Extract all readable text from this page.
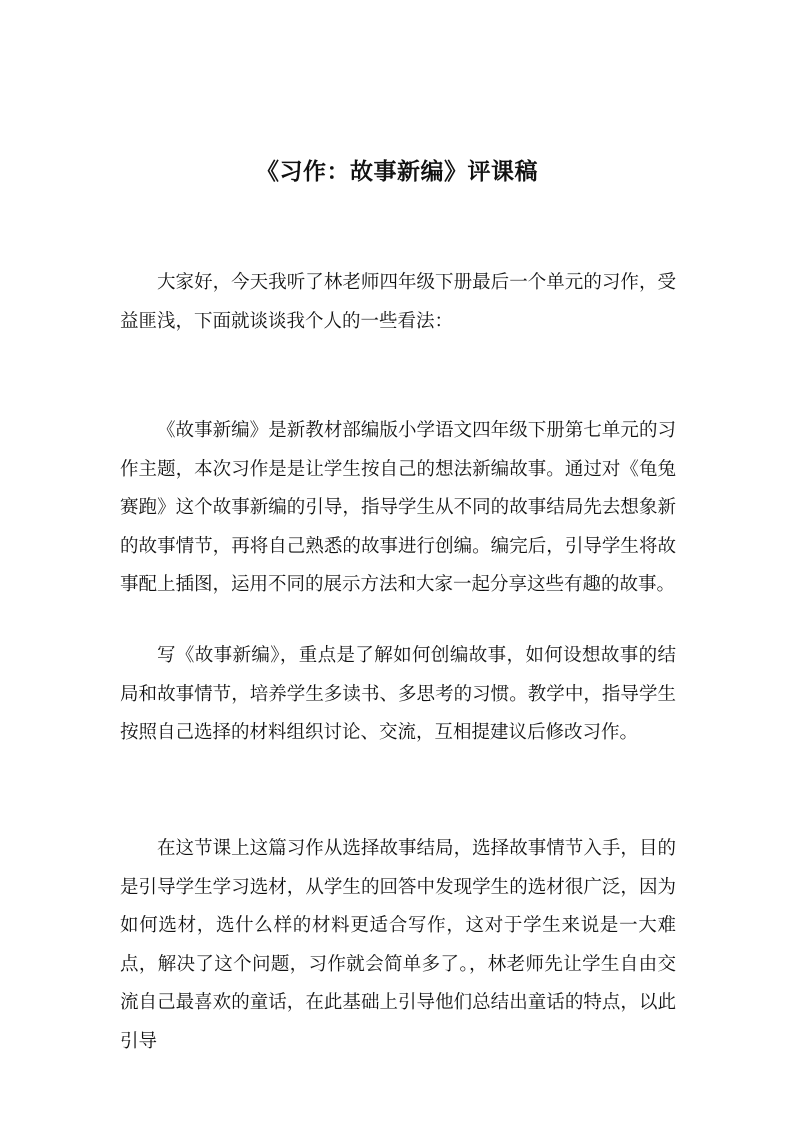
《习作：故事新编》评课稿

大家好，今天我听了林老师四年级下册最后一个单元的习作，受益匪浅，下面就谈谈我个人的一些看法：

《故事新编》是新教材部编版小学语文四年级下册第七单元的习作主题，本次习作是是让学生按自己的想法新编故事。通过对《龟兔赛跑》这个故事新编的引导，指导学生从不同的故事结局先去想象新的故事情节，再将自己熟悉的故事进行创编。编完后，引导学生将故事配上插图，运用不同的展示方法和大家一起分享这些有趣的故事。

写《故事新编》，重点是了解如何创编故事，如何设想故事的结局和故事情节，培养学生多读书、多思考的习惯。教学中，指导学生按照自己选择的材料组织讨论、交流，互相提建议后修改习作。

在这节课上这篇习作从选择故事结局，选择故事情节入手，目的是引导学生学习选材，从学生的回答中发现学生的选材很广泛，因为如何选材，选什么样的材料更适合写作，这对于学生来说是一大难点，解决了这个问题，习作就会简单多了。，林老师先让学生自由交流自己最喜欢的童话，在此基础上引导他们总结出童话的特点，以此引导
